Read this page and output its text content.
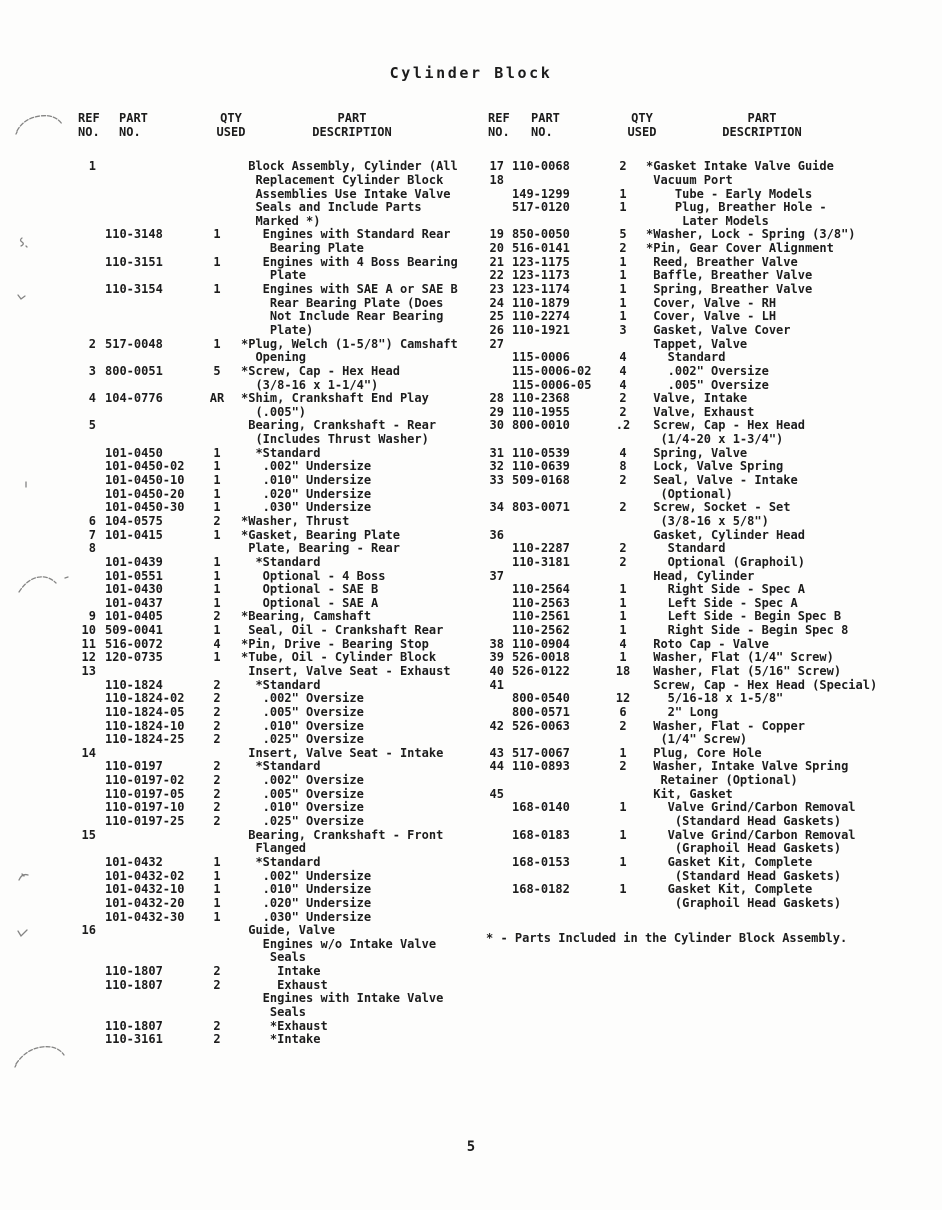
Cylinder Block
REF	PART	QTY	PART
NO.	NO.	USED	DESCRIPTION
1	Block Assembly, Cylinder (All
Replacement Cylinder Block
Assemblies Use Intake Valve
Seals and Include Parts
Marked *)
110-3148	1	Engines with Standard Rear
Bearing Plate
110-3151	1	Engines with 4 Boss Bearing
Plate
110-3154	1	Engines with SAE A or SAE B
Rear Bearing Plate (Does
Not Include Rear Bearing
Plate)
2 517-0048	1	*Plug, Welch (1-5/8") Camshaft
Opening
3 800-0051	5	*Screw, Cap - Hex Head
(3/8-16 x 1-1/4")
4 104-0776	AR	*Shim, Crankshaft End Play
(.005")
5	Bearing, Crankshaft - Rear
(Includes Thrust Washer)
101-0450	1	*Standard
101-0450-02	1	.002" Undersize
101-0450-10	1	.010" Undersize
101-0450-20	1	.020" Undersize
101-0450-30	1	.030" Undersize
6 104-0575	2	*Washer, Thrust
7 101-0415	1	*Gasket, Bearing Plate
8	Plate, Bearing - Rear
101-0439	1	*Standard
101-0551	1	Optional - 4 Boss
101-0430	1	Optional - SAE B
101-0437	1	Optional - SAE A
9 101-0405	2	*Bearing, Camshaft
10 509-0041	1	Seal, Oil - Crankshaft Rear
11 516-0072	4	*Pin, Drive - Bearing Stop
12 120-0735	1	*Tube, Oil - Cylinder Block
13	Insert, Valve Seat - Exhaust
110-1824	2	*Standard
110-1824-02	2	.002" Oversize
110-1824-05	2	.005" Oversize
110-1824-10	2	.010" Oversize
110-1824-25	2	.025" Oversize
14	Insert, Valve Seat - Intake
110-0197	2	*Standard
110-0197-02	2	.002" Oversize
110-0197-05	2	.005" Oversize
110-0197-10	2	.010" Oversize
110-0197-25	2	.025" Oversize
15	Bearing, Crankshaft - Front
Flanged
101-0432	1	*Standard
101-0432-02	1	.002" Undersize
101-0432-10	1	.010" Undersize
101-0432-20	1	.020" Undersize
101-0432-30	1	.030" Undersize
16	Guide, Valve
Engines w/o Intake Valve
Seals
110-1807	2	Intake
110-1807	2	Exhaust
Engines with Intake Valve
Seals
110-1807	2	*Exhaust
110-3161	2	*Intake
REF	PART	QTY	PART
NO.	NO.	USED	DESCRIPTION
17 110-0068	2	*Gasket Intake Valve Guide
18	Vacuum Port
149-1299	1	Tube - Early Models
517-0120	1	Plug, Breather Hole -
Later Models
19 850-0050	5	*Washer, Lock - Spring (3/8")
20 516-0141	2	*Pin, Gear Cover Alignment
21 123-1175	1	Reed, Breather Valve
22 123-1173	1	Baffle, Breather Valve
23 123-1174	1	Spring, Breather Valve
24 110-1879	1	Cover, Valve - RH
25 110-2274	1	Cover, Valve - LH
26 110-1921	3	Gasket, Valve Cover
27	Tappet, Valve
115-0006	4	Standard
115-0006-02	4	.002" Oversize
115-0006-05	4	.005" Oversize
28 110-2368	2	Valve, Intake
29 110-1955	2	Valve, Exhaust
30 800-0010	.2	Screw, Cap - Hex Head
(1/4-20 x 1-3/4")
31 110-0539	4	Spring, Valve
32 110-0639	8	Lock, Valve Spring
33 509-0168	2	Seal, Valve - Intake
(Optional)
34 803-0071	2	Screw, Socket - Set
(3/8-16 x 5/8")
36	Gasket, Cylinder Head
110-2287	2	Standard
110-3181	2	Optional (Graphoil)
37	Head, Cylinder
110-2564	1	Right Side - Spec A
110-2563	1	Left Side - Spec A
110-2561	1	Left Side - Begin Spec B
110-2562	1	Right Side - Begin Spec 8
38 110-0904	4	Roto Cap - Valve
39 526-0018	1	Washer, Flat (1/4" Screw)
40 526-0122	18	Washer, Flat (5/16" Screw)
41	Screw, Cap - Hex Head (Special)
800-0540	12	5/16-18 x 1-5/8"
800-0571	6	2" Long
42 526-0063	2	Washer, Flat - Copper
(1/4" Screw)
43 517-0067	1	Plug, Core Hole
44 110-0893	2	Washer, Intake Valve Spring
Retainer (Optional)
45	Kit, Gasket
168-0140	1	Valve Grind/Carbon Removal
(Standard Head Gaskets)
168-0183	1	Valve Grind/Carbon Removal
(Graphoil Head Gaskets)
168-0153	1	Gasket Kit, Complete
(Standard Head Gaskets)
168-0182	1	Gasket Kit, Complete
(Graphoil Head Gaskets)
* - Parts Included in the Cylinder Block Assembly.
5
